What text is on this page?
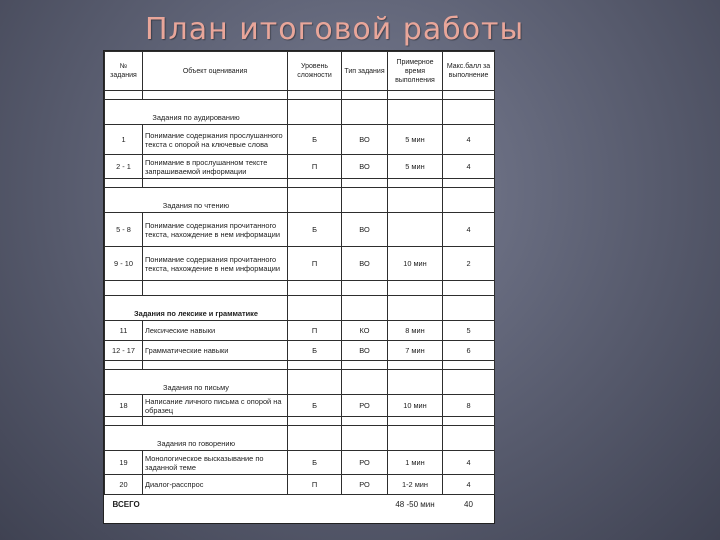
План итоговой работы
№ задания	Объект оценивания	Уровень сложности	Тип задания	Примерное время выполнения	Макс.балл за выполнение

Задания по аудированию					
1	Понимание содержания прослушанного текста с опорой на ключевые слова	Б	ВО	5 мин	4
2 - 1	Понимание в прослушанном тексте запрашиваемой информации	П	ВО	5 мин	4

Задания по чтению					
5 - 8	Понимание содержания прочитанного текста, нахождение в нем информации	Б	ВО		4
9 - 10	Понимание содержания прочитанного текста, нахождение в нем информации	П	ВО	10 мин	2

Задания по лексике и грамматике					
11	Лексические навыки	П	КО	8 мин	5
12 - 17	Грамматические навыки	Б	ВО	7 мин	6

Задания по письму					
18	Написание личного письма с опорой на образец	Б	РО	10 мин	8

Задания по говорению					
19	Монологическое высказывание по заданной теме	Б	РО	1 мин	4
20	Диалог-расспрос	П	РО	1-2 мин	4
ВСЕГО				48 -50 мин	40
